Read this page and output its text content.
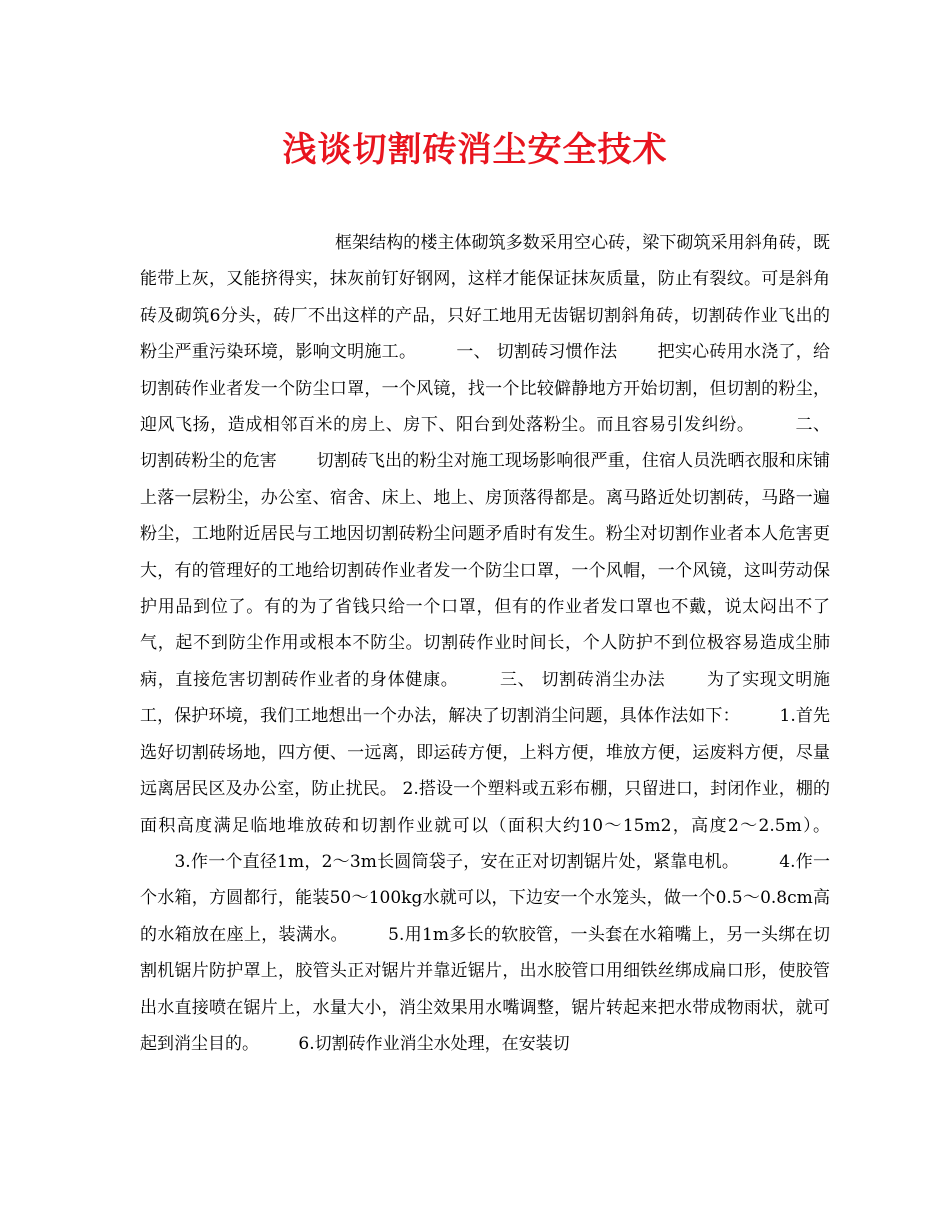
浅谈切割砖消尘安全技术

框架结构的楼主体砌筑多数采用空心砖，梁下砌筑采用斜角砖，既能带上灰，又能挤得实，抹灰前钉好钢网，这样才能保证抹灰质量，防止有裂纹。可是斜角砖及砌筑6分头，砖厂不出这样的产品，只好工地用无齿锯切割斜角砖，切割砖作业飞出的粉尘严重污染环境，影响文明施工。 　　一、 切割砖习惯作法 　　把实心砖用水浇了，给切割砖作业者发一个防尘口罩，一个风镜，找一个比较僻静地方开始切割，但切割的粉尘，迎风飞扬，造成相邻百米的房上、房下、阳台到处落粉尘。而且容易引发纠纷。 　　二、 切割砖粉尘的危害 　　切割砖飞出的粉尘对施工现场影响很严重，住宿人员洗晒衣服和床铺上落一层粉尘，办公室、宿舍、床上、地上、房顶落得都是。离马路近处切割砖，马路一遍粉尘，工地附近居民与工地因切割砖粉尘问题矛盾时有发生。粉尘对切割作业者本人危害更大，有的管理好的工地给切割砖作业者发一个防尘口罩，一个风帽，一个风镜，这叫劳动保护用品到位了。有的为了省钱只给一个口罩，但有的作业者发口罩也不戴，说太闷出不了气，起不到防尘作用或根本不防尘。切割砖作业时间长，个人防护不到位极容易造成尘肺病，直接危害切割砖作业者的身体健康。 　　三、 切割砖消尘办法 　　为了实现文明施工，保护环境，我们工地想出一个办法，解决了切割消尘问题，具体作法如下： 　　1.首先选好切割砖场地，四方便、一远离，即运砖方便，上料方便，堆放方便，运废料方便，尽量远离居民区及办公室，防止扰民。 2.搭设一个塑料或五彩布棚，只留进口，封闭作业，棚的面积高度满足临地堆放砖和切割作业就可以（面积大约10～15m2，高度2～2.5m）。 　　3.作一个直径1m，2～3m长圆筒袋子，安在正对切割锯片处，紧靠电机。 　　4.作一个水箱，方圆都行，能装50～100kg水就可以，下边安一个水笼头，做一个0.5～0.8cm高的水箱放在座上，装满水。 　　5.用1m多长的软胶管，一头套在水箱嘴上，另一头绑在切割机锯片防护罩上，胶管头正对锯片并靠近锯片，出水胶管口用细铁丝绑成扁口形，使胶管出水直接喷在锯片上，水量大小，消尘效果用水嘴调整，锯片转起来把水带成物雨状，就可起到消尘目的。 　　6.切割砖作业消尘水处理，在安装切
